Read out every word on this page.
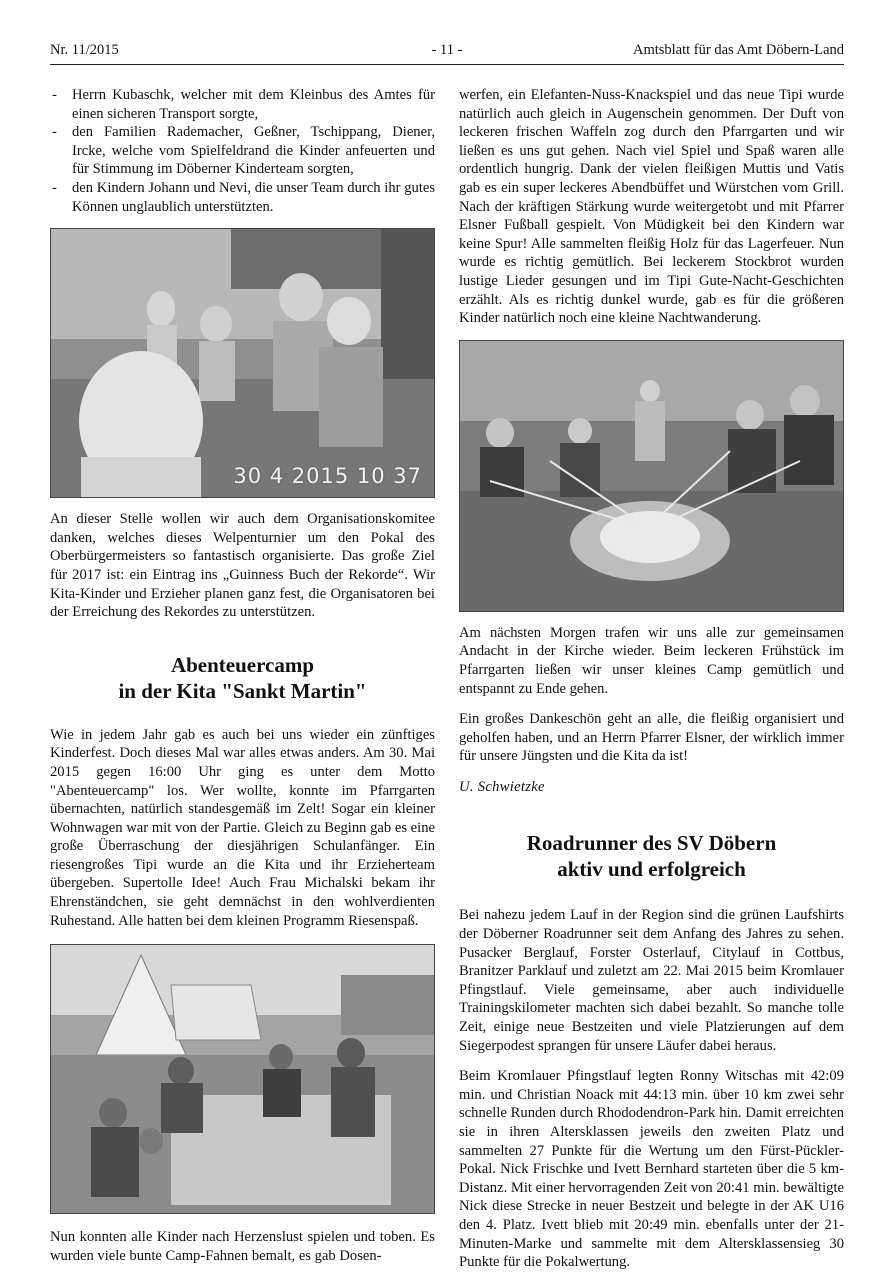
Nr. 11/2015	- 11 -	Amtsblatt für das Amt Döbern-Land
- Herrn Kubaschk, welcher mit dem Kleinbus des Amtes für einen sicheren Transport sorgte,
- den Familien Rademacher, Geßner, Tschippang, Diener, Ircke, welche vom Spielfeldrand die Kinder anfeuerten und für Stimmung im Döberner Kinderteam sorgten,
- den Kindern Johann und Nevi, die unser Team durch ihr gutes Können unglaublich unterstützten.
30 4 2015 10 37

An dieser Stelle wollen wir auch dem Organisationskomitee danken, welches dieses Welpenturnier um den Pokal des Oberbürgermeisters so fantastisch organisierte. Das große Ziel für 2017 ist: ein Eintrag ins „Guinness Buch der Rekorde“. Wir Kita-Kinder und Erzieher planen ganz fest, die Organisatoren bei der Erreichung des Rekordes zu unterstützen.

Abenteuercamp
in der Kita "Sankt Martin"

Wie in jedem Jahr gab es auch bei uns wieder ein zünftiges Kinderfest. Doch dieses Mal war alles etwas anders. Am 30. Mai 2015 gegen 16:00 Uhr ging es unter dem Motto "Abenteuercamp" los. Wer wollte, konnte im Pfarrgarten übernachten, natürlich standesgemäß im Zelt! Sogar ein kleiner Wohnwagen war mit von der Partie. Gleich zu Beginn gab es eine große Überraschung der diesjährigen Schulanfänger. Ein riesengroßes Tipi wurde an die Kita und ihr Erzieherteam übergeben. Supertolle Idee! Auch Frau Michalski bekam ihr Ehrenständchen, sie geht demnächst in den wohlverdienten Ruhestand. Alle hatten bei dem kleinen Programm Riesenspaß.

Nun konnten alle Kinder nach Herzenslust spielen und toben. Es wurden viele bunte Camp-Fahnen bemalt, es gab Dosen-

werfen, ein Elefanten-Nuss-Knackspiel und das neue Tipi wurde natürlich auch gleich in Augenschein genommen. Der Duft von leckeren frischen Waffeln zog durch den Pfarrgarten und wir ließen es uns gut gehen. Nach viel Spiel und Spaß waren alle ordentlich hungrig. Dank der vielen fleißigen Muttis und Vatis gab es ein super leckeres Abendbüffet und Würstchen vom Grill. Nach der kräftigen Stärkung wurde weitergetobt und mit Pfarrer Elsner Fußball gespielt. Von Müdigkeit bei den Kindern war keine Spur! Alle sammelten fleißig Holz für das Lagerfeuer. Nun wurde es richtig gemütlich. Bei leckerem Stockbrot wurden lustige Lieder gesungen und im Tipi Gute-Nacht-Geschichten erzählt. Als es richtig dunkel wurde, gab es für die größeren Kinder natürlich noch eine kleine Nachtwanderung.

Am nächsten Morgen trafen wir uns alle zur gemeinsamen Andacht in der Kirche wieder. Beim leckeren Frühstück im Pfarrgarten ließen wir unser kleines Camp gemütlich und entspannt zu Ende gehen.

Ein großes Dankeschön geht an alle, die fleißig organisiert und geholfen haben, und an Herrn Pfarrer Elsner, der wirklich immer für unsere Jüngsten und die Kita da ist!

U. Schwietzke

Roadrunner des SV Döbern
aktiv und erfolgreich

Bei nahezu jedem Lauf in der Region sind die grünen Laufshirts der Döberner Roadrunner seit dem Anfang des Jahres zu sehen. Pusacker Berglauf, Forster Osterlauf, Citylauf in Cottbus, Branitzer Parklauf und zuletzt am 22. Mai 2015 beim Kromlauer Pfingstlauf. Viele gemeinsame, aber auch individuelle Trainingskilometer machten sich dabei bezahlt. So manche tolle Zeit, einige neue Bestzeiten und viele Platzierungen auf dem Siegerpodest sprangen für unsere Läufer dabei heraus.

Beim Kromlauer Pfingstlauf legten Ronny Witschas mit 42:09 min. und Christian Noack mit 44:13 min. über 10 km zwei sehr schnelle Runden durch Rhododendron-Park hin. Damit erreichten sie in ihren Altersklassen jeweils den zweiten Platz und sammelten 27 Punkte für die Wertung um den Fürst-Pückler-Pokal. Nick Frischke und Ivett Bernhard starteten über die 5 km-Distanz. Mit einer hervorragenden Zeit von 20:41 min. bewältigte Nick diese Strecke in neuer Bestzeit und belegte in der AK U16 den 4. Platz. Ivett blieb mit 20:49 min. ebenfalls unter der 21-Minuten-Marke und sammelte mit dem Altersklassensieg 30 Punkte für die Pokalwertung.
